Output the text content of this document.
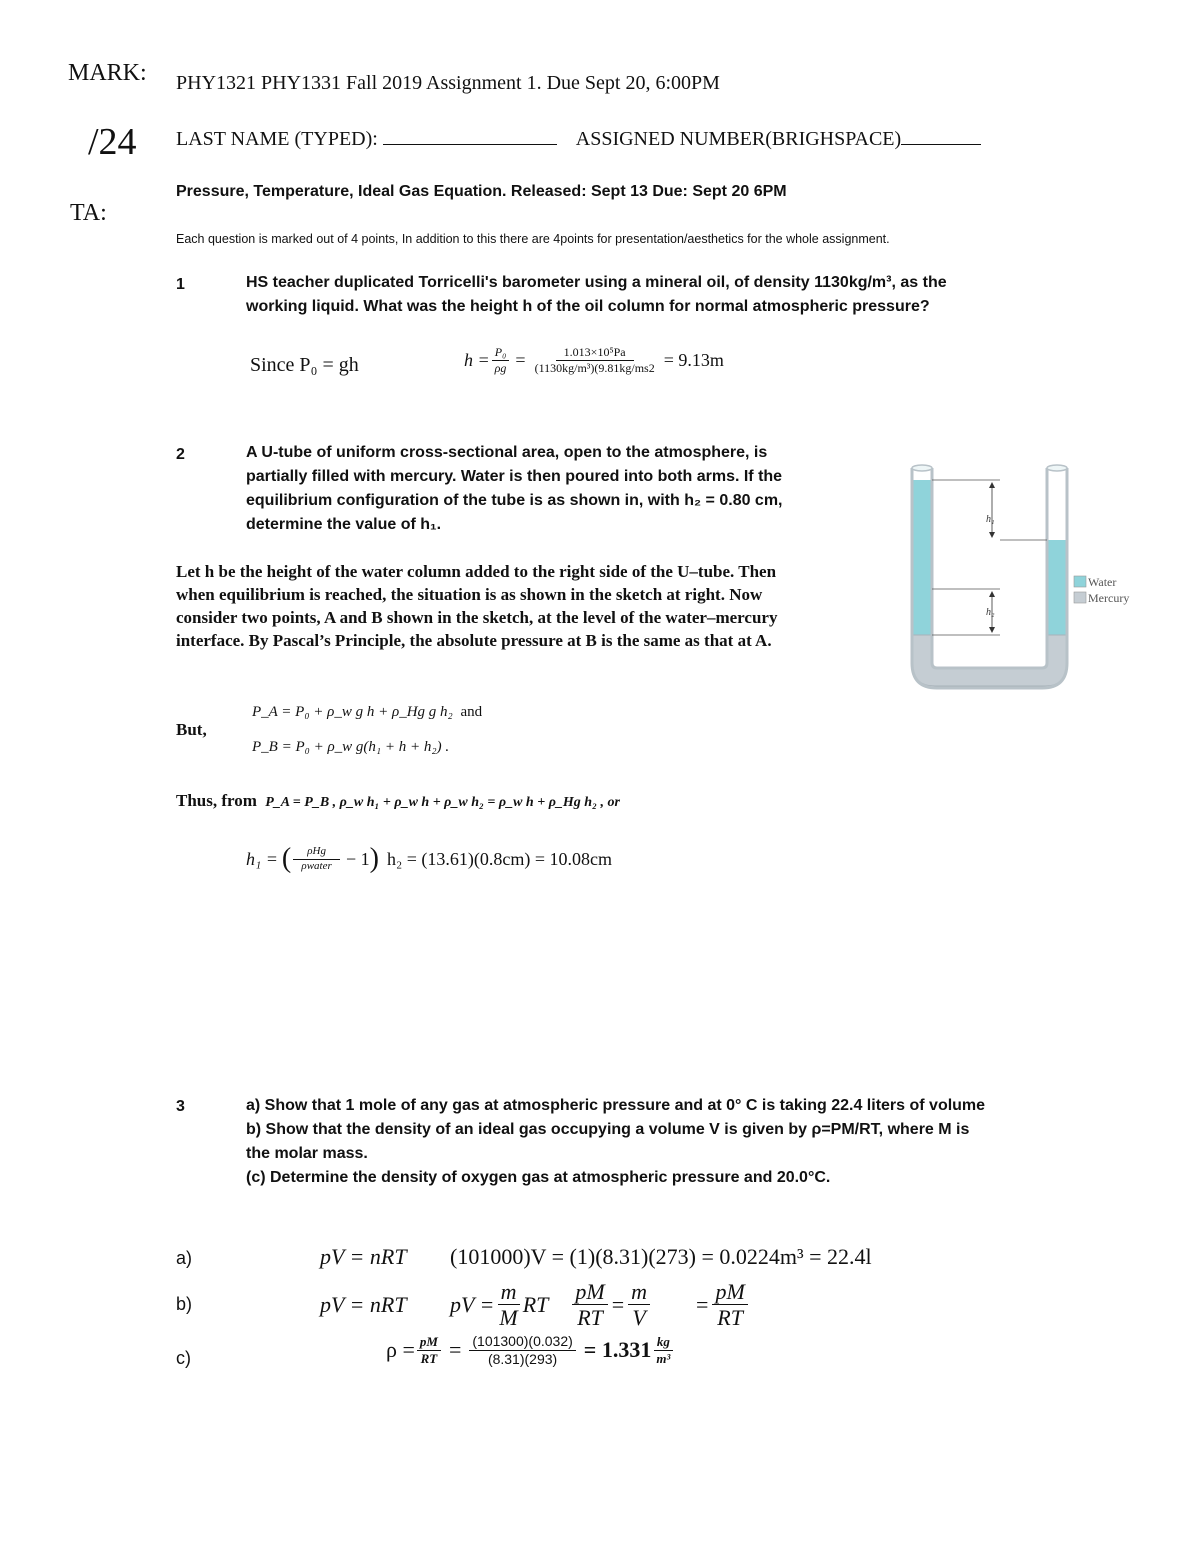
MARK:
/24
TA:
PHY1321 PHY1331 Fall 2019 Assignment 1. Due Sept 20, 6:00PM
LAST NAME (TYPED):	ASSIGNED NUMBER(BRIGHSPACE)
Pressure, Temperature, Ideal Gas Equation. Released: Sept 13 Due: Sept 20 6PM
Each question is marked out of 4 points, In addition to this there are 4points for presentation/aesthetics for the whole assignment.
1	HS teacher duplicated Torricelli's barometer using a mineral oil, of density 1130kg/m³, as the
working liquid. What was the height h of the oil column for normal atmospheric pressure?
Since P₀ = gh	$h = \frac{\text{P₀}}{\rho g} = \frac{\text{1.013×10⁵Pa}}{\text{(1130kg/m³)(9.81kg/ms2}} = 9.13m$
2	A U-tube of uniform cross-sectional area, open to the atmosphere, is
partially filled with mercury. Water is then poured into both arms. If the
equilibrium configuration of the tube is as shown in, with h₂ = 0.80 cm,
determine the value of h₁.
Let h be the height of the water column added to the right side of the U–tube. Then
when equilibrium is reached, the situation is as shown in the sketch at right. Now
consider two points, A and B shown in the sketch, at the level of the water–mercury
interface. By Pascal’s Principle, the absolute pressure at B is the same as that at A.
h₁
h₂
Water
Mercury
But,
P_A = P₀ + ρ_w g h + ρ_Hg g h₂ and
P_B = P₀ + ρ_w g(h₁ + h + h₂) .
Thus, from P_A = P_B , ρ_w h₁ + ρ_w h + ρ_w h₂ = ρ_w h + ρ_Hg h₂ , or
h₁ = ( $\frac{\text{ρHg}}{\text{ρwater}} - 1$ ) h₂ = (13.61)(0.8cm) = 10.08cm
3	a) Show that 1 mole of any gas at atmospheric pressure and at 0° C is taking 22.4 liters of volume
b) Show that the density of an ideal gas occupying a volume V is given by ρ=PM/RT, where M is
the molar mass.
(c) Determine the density of oxygen gas at atmospheric pressure and 20.0°C.
a)	pV = nRT (101000)V = (1)(8.31)(273) = 0.0224m³ = 22.4l
b)	pV = nRT pV = $\frac{m}{M}$ RT $\frac{pM}{RT} = \frac{m}{V} = \frac{pM}{RT}$
c)	$\rho = \frac{pM}{RT} = \frac{(101300)(0.032)}{(8.31)(293)} = 1.331 \frac{kg}{\text{m³}}$
